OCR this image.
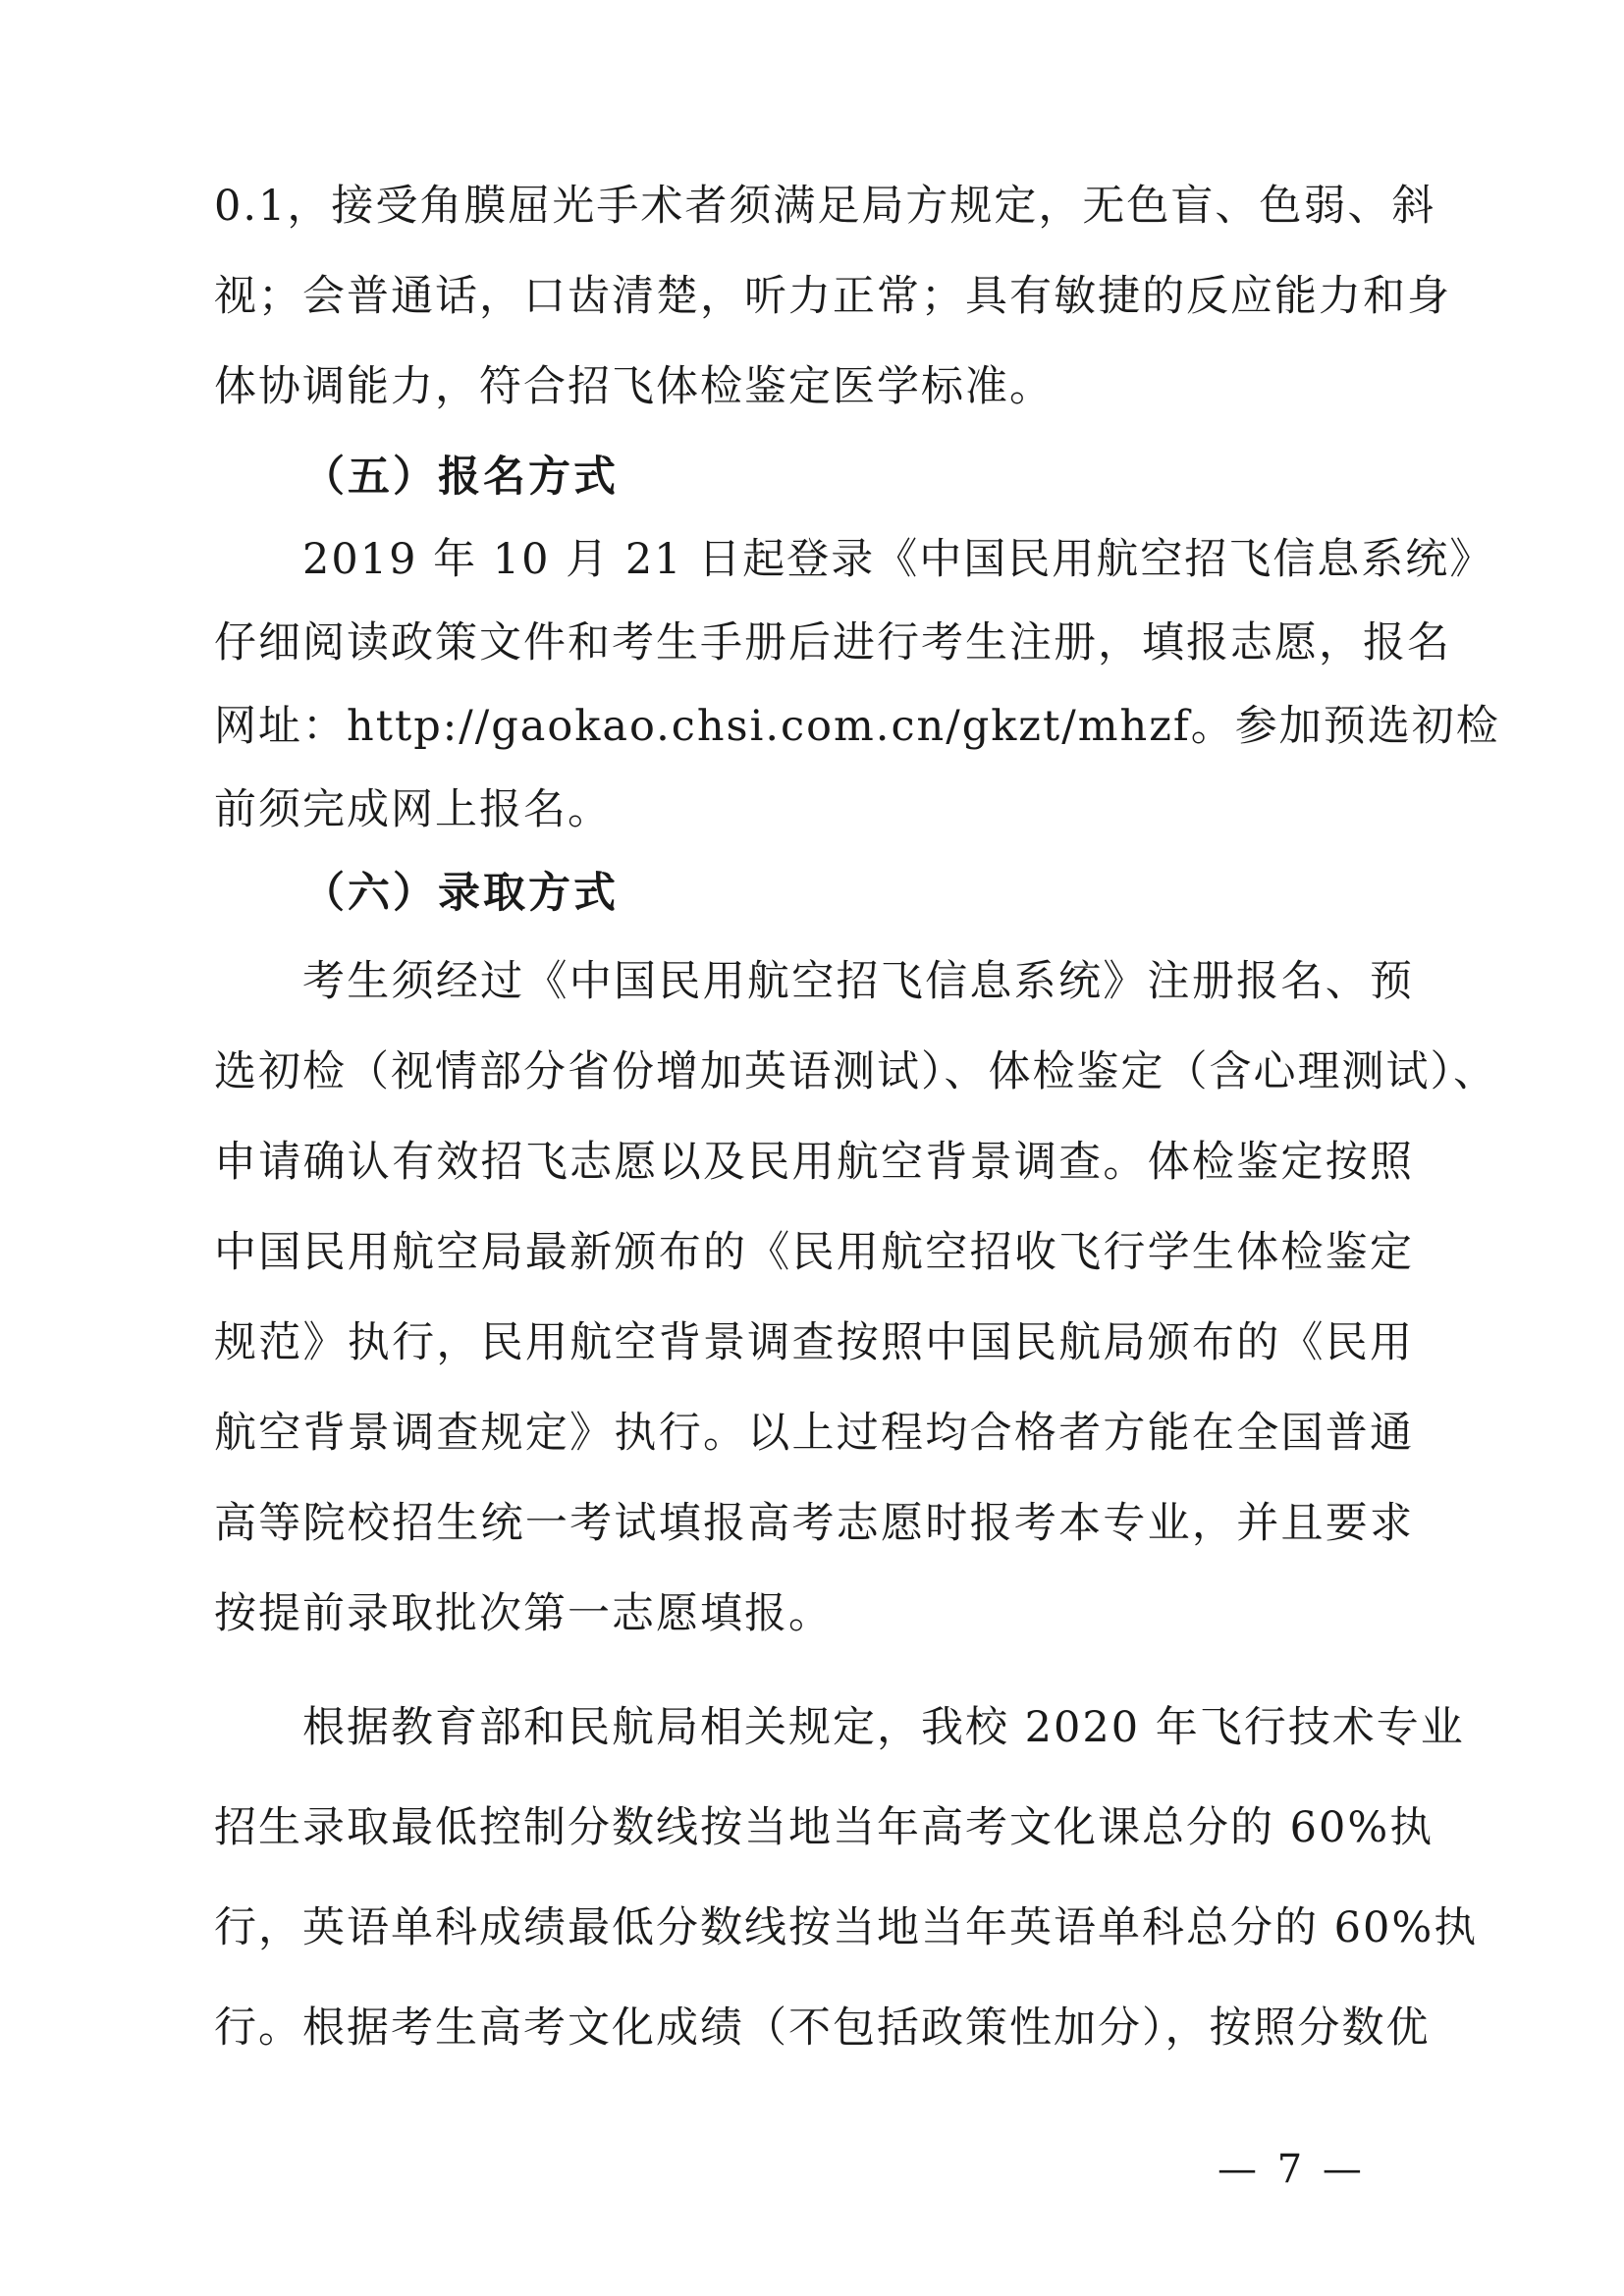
0.1，接受角膜屈光手术者须满足局方规定，无色盲、色弱、斜
视；会普通话，口齿清楚，听力正常；具有敏捷的反应能力和身
体协调能力，符合招飞体检鉴定医学标准。
（五）报名方式
2019 年 10 月 21 日起登录《中国民用航空招飞信息系统》
仔细阅读政策文件和考生手册后进行考生注册，填报志愿，报名
网址：http://gaokao.chsi.com.cn/gkzt/mhzf。参加预选初检
前须完成网上报名。
（六）录取方式
考生须经过《中国民用航空招飞信息系统》注册报名、预
选初检（视情部分省份增加英语测试）、体检鉴定（含心理测试）、
申请确认有效招飞志愿以及民用航空背景调查。体检鉴定按照
中国民用航空局最新颁布的《民用航空招收飞行学生体检鉴定
规范》执行，民用航空背景调查按照中国民航局颁布的《民用
航空背景调查规定》执行。以上过程均合格者方能在全国普通
高等院校招生统一考试填报高考志愿时报考本专业，并且要求
按提前录取批次第一志愿填报。
根据教育部和民航局相关规定，我校 2020 年飞行技术专业
招生录取最低控制分数线按当地当年高考文化课总分的 60%执
行，英语单科成绩最低分数线按当地当年英语单科总分的 60%执
行。根据考生高考文化成绩（不包括政策性加分），按照分数优
— 7 —
